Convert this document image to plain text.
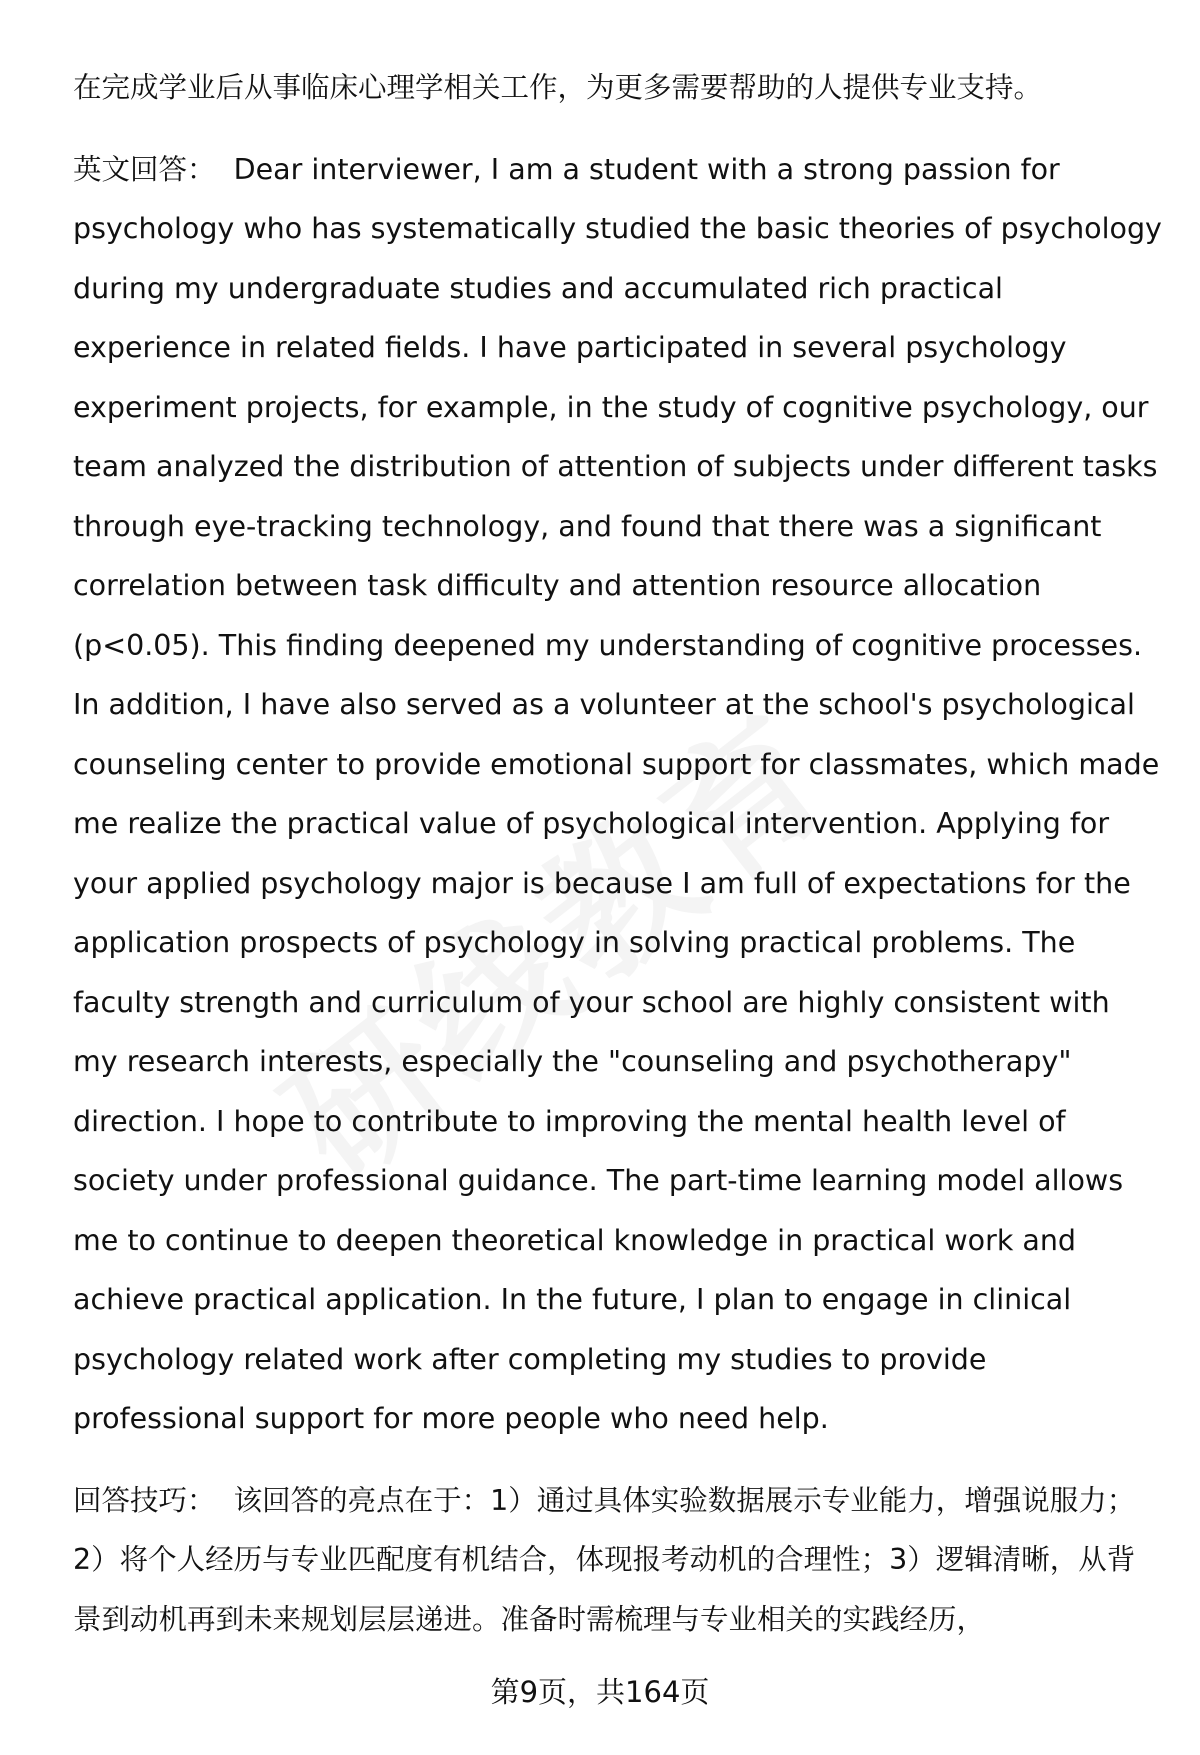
在完成学业后从事临床心理学相关工作，为更多需要帮助的人提供专业支持。

英文回答： Dear interviewer, I am a student with a strong passion for psychology who has systematically studied the basic theories of psychology during my undergraduate studies and accumulated rich practical experience in related fields. I have participated in several psychology experiment projects, for example, in the study of cognitive psychology, our team analyzed the distribution of attention of subjects under different tasks through eye-tracking technology, and found that there was a significant correlation between task difficulty and attention resource allocation (p<0.05). This finding deepened my understanding of cognitive processes. In addition, I have also served as a volunteer at the school's psychological counseling center to provide emotional support for classmates, which made me realize the practical value of psychological intervention. Applying for your applied psychology major is because I am full of expectations for the application prospects of psychology in solving practical problems. The faculty strength and curriculum of your school are highly consistent with my research interests, especially the "counseling and psychotherapy" direction. I hope to contribute to improving the mental health level of society under professional guidance. The part-time learning model allows me to continue to deepen theoretical knowledge in practical work and achieve practical application. In the future, I plan to engage in clinical psychology related work after completing my studies to provide professional support for more people who need help.

回答技巧： 该回答的亮点在于：1）通过具体实验数据展示专业能力，增强说服力；2）将个人经历与专业匹配度有机结合，体现报考动机的合理性；3）逻辑清晰，从背景到动机再到未来规划层层递进。准备时需梳理与专业相关的实践经历，

第9页，共164页
